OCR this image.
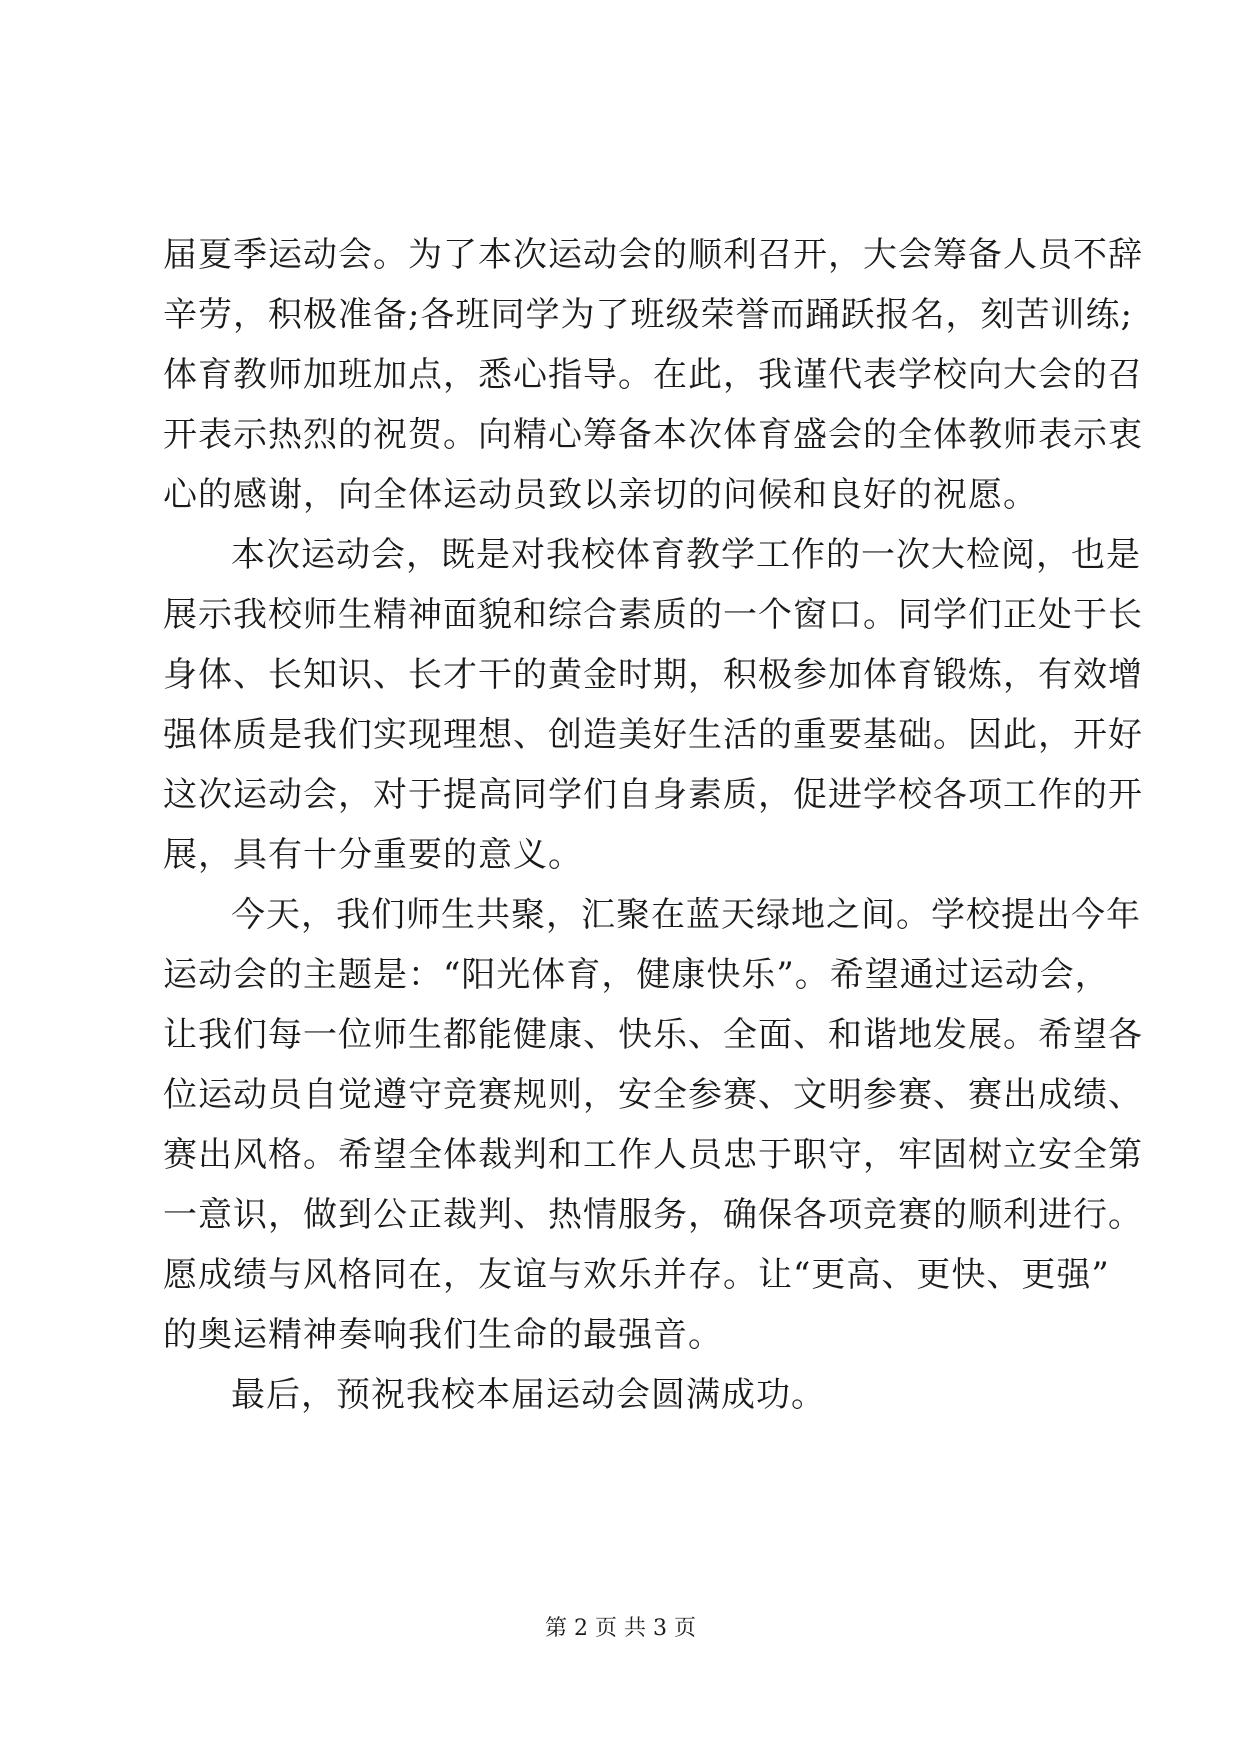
届夏季运动会。为了本次运动会的顺利召开，大会筹备人员不辞
辛劳，积极准备;各班同学为了班级荣誉而踊跃报名，刻苦训练;
体育教师加班加点，悉心指导。在此，我谨代表学校向大会的召
开表示热烈的祝贺。向精心筹备本次体育盛会的全体教师表示衷
心的感谢，向全体运动员致以亲切的问候和良好的祝愿。

本次运动会，既是对我校体育教学工作的一次大检阅，也是
展示我校师生精神面貌和综合素质的一个窗口。同学们正处于长
身体、长知识、长才干的黄金时期，积极参加体育锻炼，有效增
强体质是我们实现理想、创造美好生活的重要基础。因此，开好
这次运动会，对于提高同学们自身素质，促进学校各项工作的开
展，具有十分重要的意义。

今天，我们师生共聚，汇聚在蓝天绿地之间。学校提出今年
运动会的主题是：“阳光体育，健康快乐”。希望通过运动会，
让我们每一位师生都能健康、快乐、全面、和谐地发展。希望各
位运动员自觉遵守竞赛规则，安全参赛、文明参赛、赛出成绩、
赛出风格。希望全体裁判和工作人员忠于职守，牢固树立安全第
一意识，做到公正裁判、热情服务，确保各项竞赛的顺利进行。
愿成绩与风格同在，友谊与欢乐并存。让“更高、更快、更强”
的奥运精神奏响我们生命的最强音。

最后，预祝我校本届运动会圆满成功。

第 2 页 共 3 页
